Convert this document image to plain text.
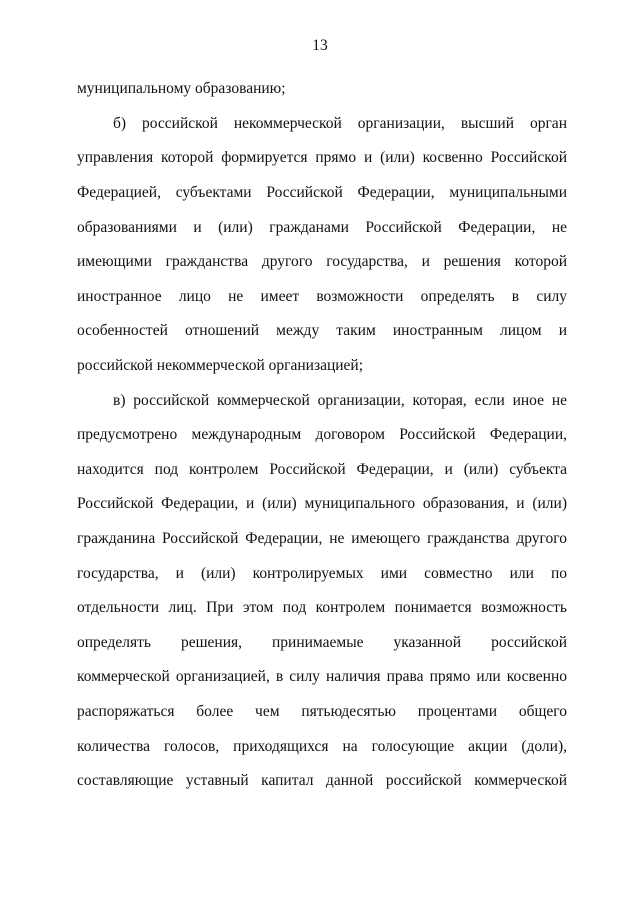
13
муниципальному образованию;
б) российской некоммерческой организации, высший орган
управления которой формируется прямо и (или) косвенно Российской
Федерацией, субъектами Российской Федерации, муниципальными
образованиями и (или) гражданами Российской Федерации, не
имеющими гражданства другого государства, и решения которой
иностранное лицо не имеет возможности определять в силу
особенностей отношений между таким иностранным лицом и
российской некоммерческой организацией;
в) российской коммерческой организации, которая, если иное не
предусмотрено международным договором Российской Федерации,
находится под контролем Российской Федерации, и (или) субъекта
Российской Федерации, и (или) муниципального образования, и (или)
гражданина Российской Федерации, не имеющего гражданства другого
государства, и (или) контролируемых ими совместно или по
отдельности лиц. При этом под контролем понимается возможность
определять решения, принимаемые указанной российской
коммерческой организацией, в силу наличия права прямо или косвенно
распоряжаться более чем пятьюдесятью процентами общего
количества голосов, приходящихся на голосующие акции (доли),
составляющие уставный капитал данной российской коммерческой
